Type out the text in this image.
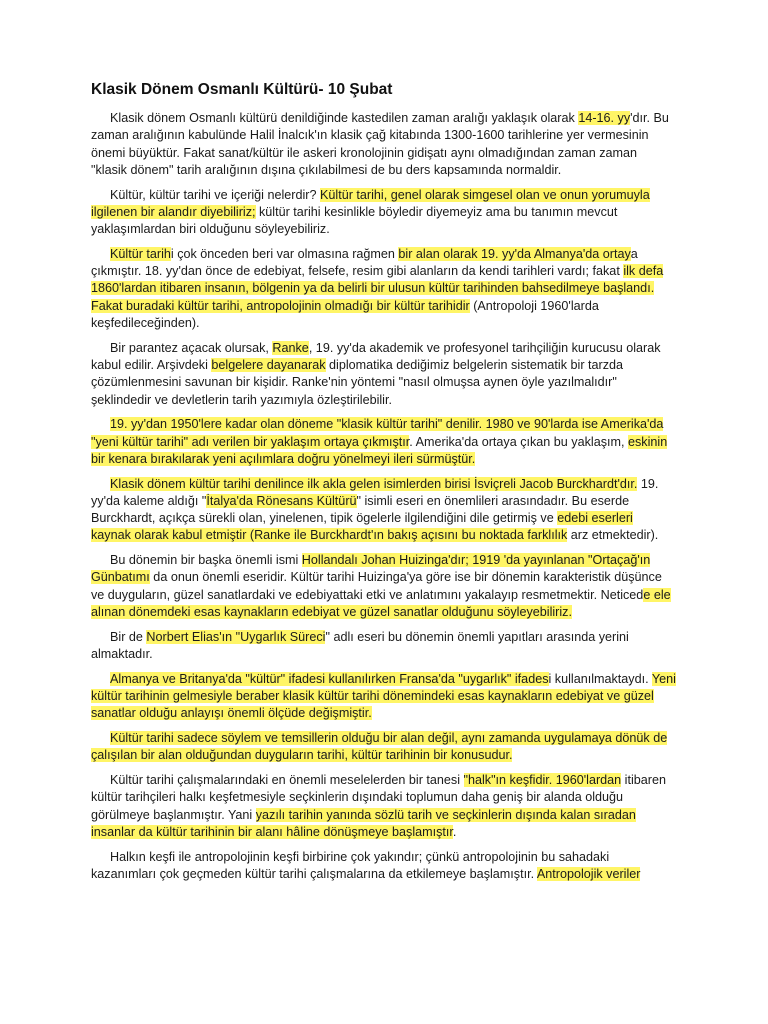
Klasik Dönem Osmanlı Kültürü- 10 Şubat

Klasik dönem Osmanlı kültürü denildiğinde kastedilen zaman aralığı yaklaşık olarak 14-16. yy'dır. Bu zaman aralığının kabulünde Halil İnalcık'ın klasik çağ kitabında 1300-1600 tarihlerine yer vermesinin önemi büyüktür. Fakat sanat/kültür ile askeri kronolojinin gidişatı aynı olmadığından zaman zaman "klasik dönem" tarih aralığının dışına çıkılabilmesi de bu ders kapsamında normaldir.

Kültür, kültür tarihi ve içeriği nelerdir? Kültür tarihi, genel olarak simgesel olan ve onun yorumuyla ilgilenen bir alandır diyebiliriz; kültür tarihi kesinlikle böyledir diyemeyiz ama bu tanımın mevcut yaklaşımlardan biri olduğunu söyleyebiliriz.

Kültür tarihi çok önceden beri var olmasına rağmen bir alan olarak 19. yy'da Almanya'da ortaya çıkmıştır. 18. yy'dan önce de edebiyat, felsefe, resim gibi alanların da kendi tarihleri vardı; fakat ilk defa 1860'lardan itibaren insanın, bölgenin ya da belirli bir ulusun kültür tarihinden bahsedilmeye başlandı. Fakat buradaki kültür tarihi, antropolojinin olmadığı bir kültür tarihidir (Antropoloji 1960'larda keşfedileceğinden).

Bir parantez açacak olursak, Ranke, 19. yy'da akademik ve profesyonel tarihçiliğin kurucusu olarak kabul edilir. Arşivdeki belgelere dayanarak diplomatika dediğimiz belgelerin sistematik bir tarzda çözümlenmesini savunan bir kişidir. Ranke'nin yöntemi "nasıl olmuşsa aynen öyle yazılmalıdır" şeklindedir ve devletlerin tarih yazımıyla özleştirilebilir.

19. yy'dan 1950'lere kadar olan döneme "klasik kültür tarihi" denilir. 1980 ve 90'larda ise Amerika'da "yeni kültür tarihi" adı verilen bir yaklaşım ortaya çıkmıştır. Amerika'da ortaya çıkan bu yaklaşım, eskinin bir kenara bırakılarak yeni açılımlara doğru yönelmeyi ileri sürmüştür.

Klasik dönem kültür tarihi denilince ilk akla gelen isimlerden birisi İsviçreli Jacob Burckhardt'dır. 19. yy'da kaleme aldığı "İtalya'da Rönesans Kültürü" isimli eseri en önemlileri arasındadır. Bu eserde Burckhardt, açıkça sürekli olan, yinelenen, tipik ögelerle ilgilendiğini dile getirmiş ve edebi eserleri kaynak olarak kabul etmiştir (Ranke ile Burckhardt'ın bakış açısını bu noktada farklılık arz etmektedir).

Bu dönemin bir başka önemli ismi Hollandalı Johan Huizinga'dır; 1919 'da yayınlanan "Ortaçağ'ın Günbatımı da onun önemli eseridir. Kültür tarihi Huizinga'ya göre ise bir dönemin karakteristik düşünce ve duyguların, güzel sanatlardaki ve edebiyattaki etki ve anlatımını yakalayıp resmetmektir. Neticede ele alınan dönemdeki esas kaynakların edebiyat ve güzel sanatlar olduğunu söyleyebiliriz.

Bir de Norbert Elias'ın "Uygarlık Süreci" adlı eseri bu dönemin önemli yapıtları arasında yerini almaktadır.

Almanya ve Britanya'da "kültür" ifadesi kullanılırken Fransa'da "uygarlık" ifadesi kullanılmaktaydı. Yeni kültür tarihinin gelmesiyle beraber klasik kültür tarihi dönemindeki esas kaynakların edebiyat ve güzel sanatlar olduğu anlayışı önemli ölçüde değişmiştir.

Kültür tarihi sadece söylem ve temsillerin olduğu bir alan değil, aynı zamanda uygulamaya dönük de çalışılan bir alan olduğundan duyguların tarihi, kültür tarihinin bir konusudur.

Kültür tarihi çalışmalarındaki en önemli meselelerden bir tanesi "halk"ın keşfidir. 1960'lardan itibaren kültür tarihçileri halkı keşfetmesiyle seçkinlerin dışındaki toplumun daha geniş bir alanda olduğu görülmeye başlanmıştır. Yani yazılı tarihin yanında sözlü tarih ve seçkinlerin dışında kalan sıradan insanlar da kültür tarihinin bir alanı hâline dönüşmeye başlamıştır.

Halkın keşfi ile antropolojinin keşfi birbirine çok yakındır; çünkü antropolojinin bu sahadaki kazanımları çok geçmeden kültür tarihi çalışmalarına da etkilemeye başlamıştır. Antropolojik veriler
